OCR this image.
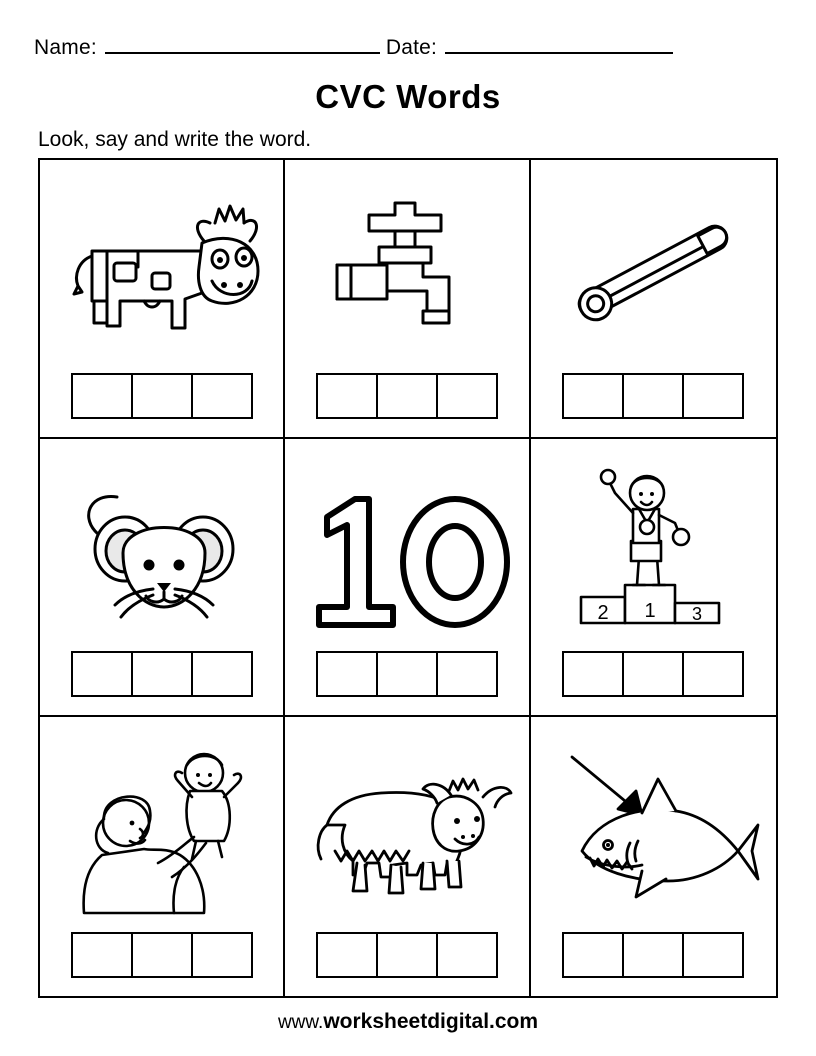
Name:	Date:
CVC Words
Look, say and write the word.
2 1 3
www.worksheetdigital.com
